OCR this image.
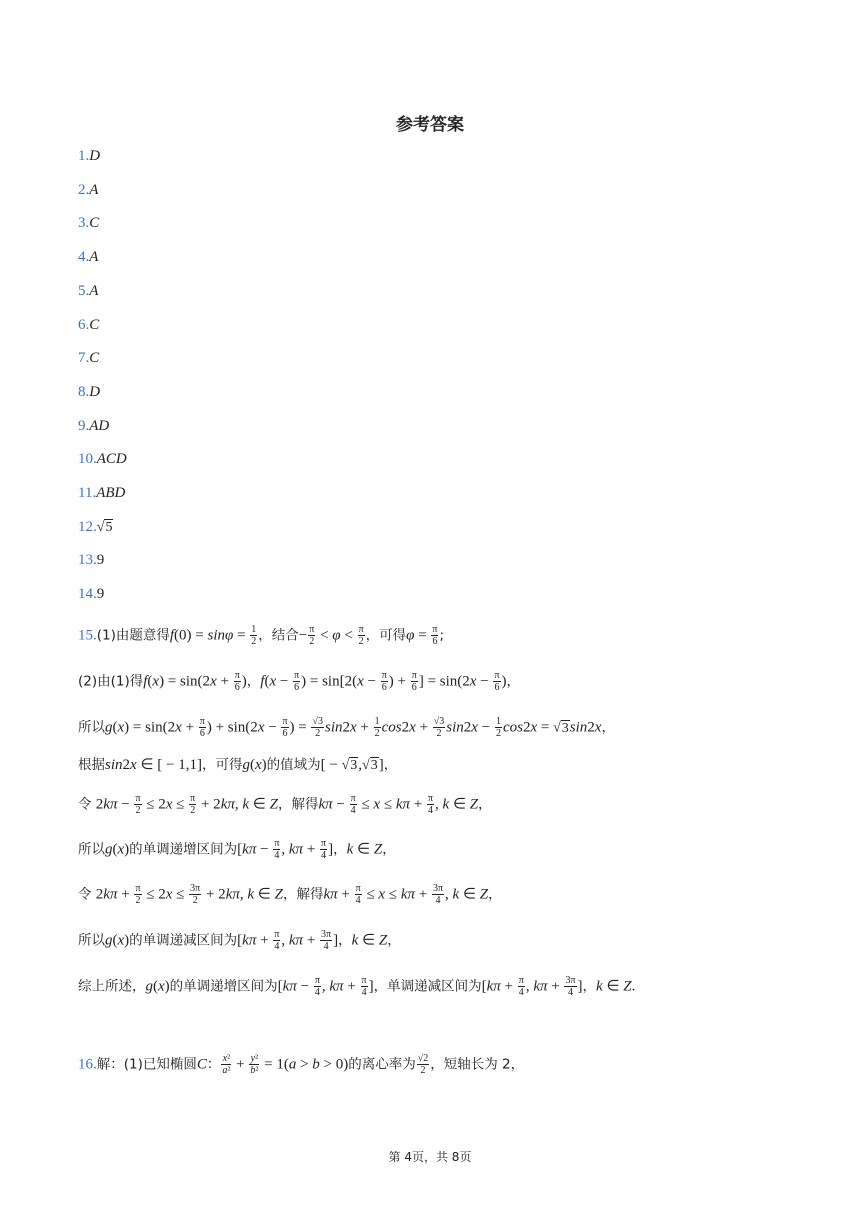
参考答案
1.D
2.A
3.C
4.A
5.A
6.C
7.C
8.D
9.AD
10.ACD
11.ABD
12.√5
13.9
14.9
15.(1)由题意得$f(0) = \sin\varphi = \frac{1}{2}$ ，结合− $\frac{\pi}{2} < \varphi < \frac{\pi}{2}$ ，可得$\varphi = \frac{\pi}{6}$ ;
(2)由(1)得$f(x) = \sin(2x + \frac{\pi}{6}$ )，$f(x - \frac{\pi}{6}$ ) = $\sin[2(x - \frac{\pi}{6}$ ) + $\frac{\pi}{6}$ ] = $\sin(2x - \frac{\pi}{6}$ )，
所以$g(x) = \sin(2x + \frac{\pi}{6}$ ) + $\sin(2x - \frac{\pi}{6}$ ) = $\frac{√3}{2} \sin 2x + \frac{1}{2} \cos 2x + \frac{√3}{2} \sin 2x - \frac{1}{2} \cos 2x = √3\sin 2x$，
根据sin2x ∈ [ − 1,1]，可得g(x)的值域为[ − √3,√3]，
令 $2k\pi - \frac{\pi}{2} \le 2x \le \frac{\pi}{2} + 2k\pi$, k ∈ Z，解得$k\pi - \frac{\pi}{4} \le x \le k\pi + \frac{\pi}{4}$ , k ∈ Z，
所以g(x)的单调递增区间为[$k\pi - \frac{\pi}{4}$ , $k\pi + \frac{\pi}{4}$ ]，k ∈ Z，
令 $2k\pi + \frac{\pi}{2} \le 2x \le \frac{3\pi}{2} + 2k\pi$, k ∈ Z，解得$k\pi + \frac{\pi}{4} \le x \le k\pi + \frac{3\pi}{4}$ , k ∈ Z，
所以g(x)的单调递减区间为[$k\pi + \frac{\pi}{4}$ , $k\pi + \frac{3\pi}{4}$ ]，k ∈ Z，
综上所述，g(x)的单调递增区间为[$k\pi - \frac{\pi}{4}$ , $k\pi + \frac{\pi}{4}$ ]，单调递减区间为[$k\pi + \frac{\pi}{4}$ , $k\pi + \frac{3\pi}{4}$ ]，k ∈ Z.
16.解：(1)已知椭圆C： $\frac{\text{x²}}{\text{a²}} + \frac{\text{y²}}{\text{b²}} = 1(a > b > 0)$的离心率为 $\frac{√2}{2}$ ，短轴长为 2，
第 4页，共 8页
